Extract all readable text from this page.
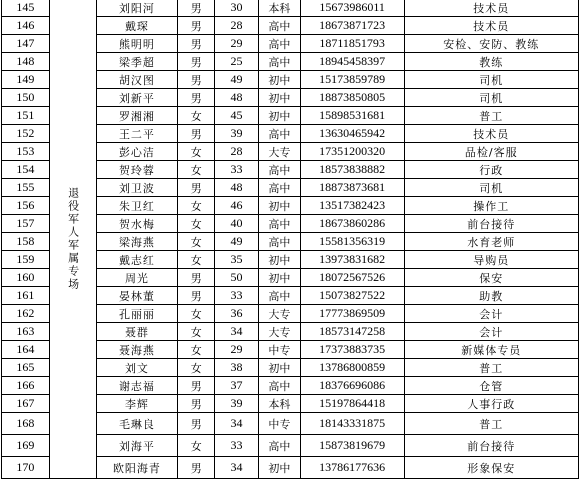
145	退役军人军属专场	刘阳河	男	30	本科	15673986011	技术员
146		戴琛	男	28	高中	18673871723	技术员
147		熊明明	男	29	高中	18711851793	安检、安防、教练
148		梁季超	男	25	高中	18945458397	教练
149		胡汉图	男	49	初中	15173859789	司机
150		刘新平	男	48	初中	18873850805	司机
151		罗湘湘	女	45	初中	15898531681	普工
152		王二平	男	39	高中	13630465942	技术员
153		彭心洁	女	28	大专	17351200320	品检/客服
154		贺玲蓉	女	33	高中	18573838882	行政
155		刘卫波	男	48	高中	18873873681	司机
156		朱卫红	女	46	初中	13517382423	操作工
157		贺水梅	女	40	高中	18673860286	前台接待
158		梁海燕	女	49	高中	15581356319	水育老师
159		戴志红	女	35	初中	13973831682	导购员
160		周光	男	50	初中	18072567526	保安
161		晏林董	男	33	高中	15073827522	助教
162		孔丽丽	女	36	大专	17773869509	会计
163		聂群	女	34	大专	18573147258	会计
164		聂海燕	女	29	中专	17373883735	新媒体专员
165		刘文	女	38	初中	13786800859	普工
166		谢志福	男	37	高中	18376696086	仓管
167		李辉	男	39	本科	15197864418	人事行政
168		毛琳良	男	34	中专	18143331875	普工
169		刘海平	女	33	高中	15873819679	前台接待
170		欧阳海青	男	34	初中	13786177636	形象保安
